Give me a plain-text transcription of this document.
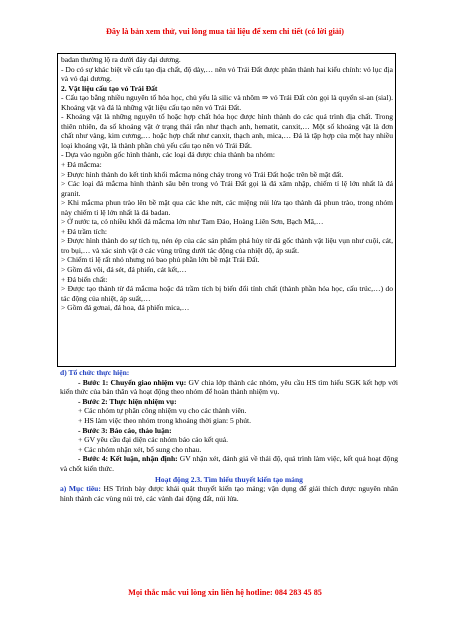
Đây là bản xem thử, vui lòng mua tài liệu để xem chi tiết (có lời giải)

badan thường lộ ra dưới đáy đại dương.

- Do có sự khác biệt về cấu tạo địa chất, độ dày,… nên vỏ Trái Đất được phân thành hai kiểu chính: vỏ lục địa và vỏ đại dương.

2. Vật liệu cấu tạo vỏ Trái Đất

- Cấu tạo bằng nhiều nguyên tố hóa học, chủ yếu là silic và nhôm ⇒ vỏ Trái Đất còn gọi là quyển si-an (sial). Khoáng vật và đá là những vật liệu cấu tạo nên vỏ Trái Đất.

- Khoáng vật là những nguyên tố hoặc hợp chất hóa học được hình thành do các quá trình địa chất. Trong thiên nhiên, đa số khoáng vật ở trạng thái rắn như thạch anh, hematit, canxit,… Một số khoáng vật là đơn chất như vàng, kim cương,… hoặc hợp chất như canxit, thạch anh, mica,… Đá là tập hợp của một hay nhiều loại khoáng vật, là thành phần chủ yếu cấu tạo nên vỏ Trái Đất.

- Dựa vào nguồn gốc hình thành, các loại đá được chia thành ba nhóm:

+ Đá mắcma:

> Được hình thành do kết tinh khối mắcma nóng chảy trong vỏ Trái Đất hoặc trên bề mặt đất.

> Các loại đá mắcma hình thành sâu bên trong vỏ Trái Đất gọi là đá xâm nhập, chiếm tỉ lệ lớn nhất là đá granit.

> Khi mắcma phun trào lên bề mặt qua các khe nứt, các miệng núi lửa tạo thành đá phun trào, trong nhóm này chiếm tỉ lệ lớn nhất là đá badan.

> Ở nước ta, có nhiều khối đá mắcma lớn như Tam Đảo, Hoàng Liên Sơn, Bạch Mã,…

+ Đá trầm tích:

> Được hình thành do sự tích tụ, nén ép của các sản phẩm phá hủy từ đá gốc thành vật liệu vụn như cuội, cát, tro bụi,… và xác sinh vật ở các vùng trũng dưới tác động của nhiệt độ, áp suất.

> Chiếm tỉ lệ rất nhỏ nhưng nó bao phủ phần lớn bề mặt Trái Đất.

> Gồm đá vôi, đá sét, đá phiến, cát kết,…

+ Đá biến chất:

> Được tạo thành từ đá mắcma hoặc đá trầm tích bị biến đổi tính chất (thành phần hóa học, cấu trúc,…) do tác động của nhiệt, áp suất,…

> Gồm đá gơnai, đá hoa, đá phiến mica,…

d) Tổ chức thực hiện:

- Bước 1: Chuyển giao nhiệm vụ: GV chia lớp thành các nhóm, yêu cầu HS tìm hiểu SGK kết hợp với kiến thức của bản thân và hoạt động theo nhóm để hoàn thành nhiệm vụ.

- Bước 2: Thực hiện nhiệm vụ:

+ Các nhóm tự phân công nhiệm vụ cho các thành viên.

+ HS làm việc theo nhóm trong khoảng thời gian: 5 phút.

- Bước 3: Báo cáo, thảo luận:

+ GV yêu cầu đại diện các nhóm báo cáo kết quả.

+ Các nhóm nhận xét, bổ sung cho nhau.

- Bước 4: Kết luận, nhận định: GV nhận xét, đánh giá về thái độ, quá trình làm việc, kết quả hoạt động và chốt kiến thức.

Hoạt động 2.3. Tìm hiểu thuyết kiến tạo mảng

a) Mục tiêu: HS Trình bày được khái quát thuyết kiến tạo mảng; vận dụng để giải thích được nguyên nhân hình thành các vùng núi trẻ, các vành đai động đất, núi lửa.

Mọi thắc mắc vui lòng xin liên hệ hotline: 084 283 45 85
